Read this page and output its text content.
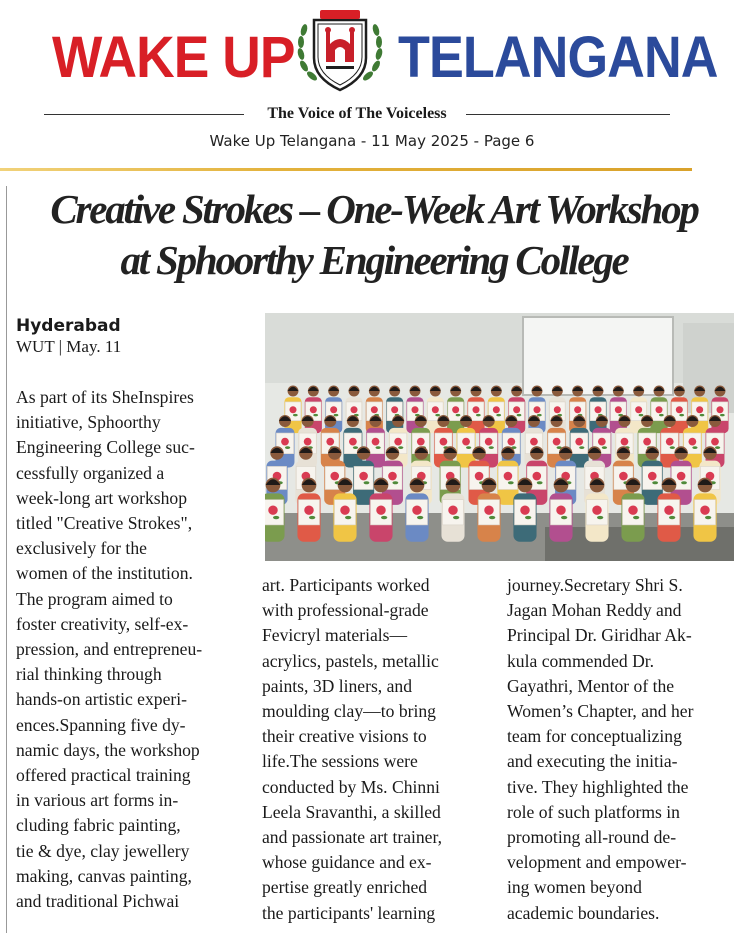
WAKE UP TELANGANA
The Voice of The Voiceless
Wake Up Telangana - 11 May 2025 - Page 6
Creative Strokes – One-Week Art Workshop
at Sphoorthy Engineering College
Hyderabad
WUT | May. 11
As part of its SheInspires
initiative, Sphoorthy
Engineering College suc-
cessfully organized a
week-long art workshop
titled "Creative Strokes",
exclusively for the
women of the institution.
The program aimed to
foster creativity, self-ex-
pression, and entrepreneu-
rial thinking through
hands-on artistic experi-
ences.Spanning five dy-
namic days, the workshop
offered practical training
in various art forms in-
cluding fabric painting,
tie & dye, clay jewellery
making, canvas painting,
and traditional Pichwai
art. Participants worked
with professional-grade
Fevicryl materials—
acrylics, pastels, metallic
paints, 3D liners, and
moulding clay—to bring
their creative visions to
life.The sessions were
conducted by Ms. Chinni
Leela Sravanthi, a skilled
and passionate art trainer,
whose guidance and ex-
pertise greatly enriched
the participants' learning
journey.Secretary Shri S.
Jagan Mohan Reddy and
Principal Dr. Giridhar Ak-
kula commended Dr.
Gayathri, Mentor of the
Women’s Chapter, and her
team for conceptualizing
and executing the initia-
tive. They highlighted the
role of such platforms in
promoting all-round de-
velopment and empower-
ing women beyond
academic boundaries.
